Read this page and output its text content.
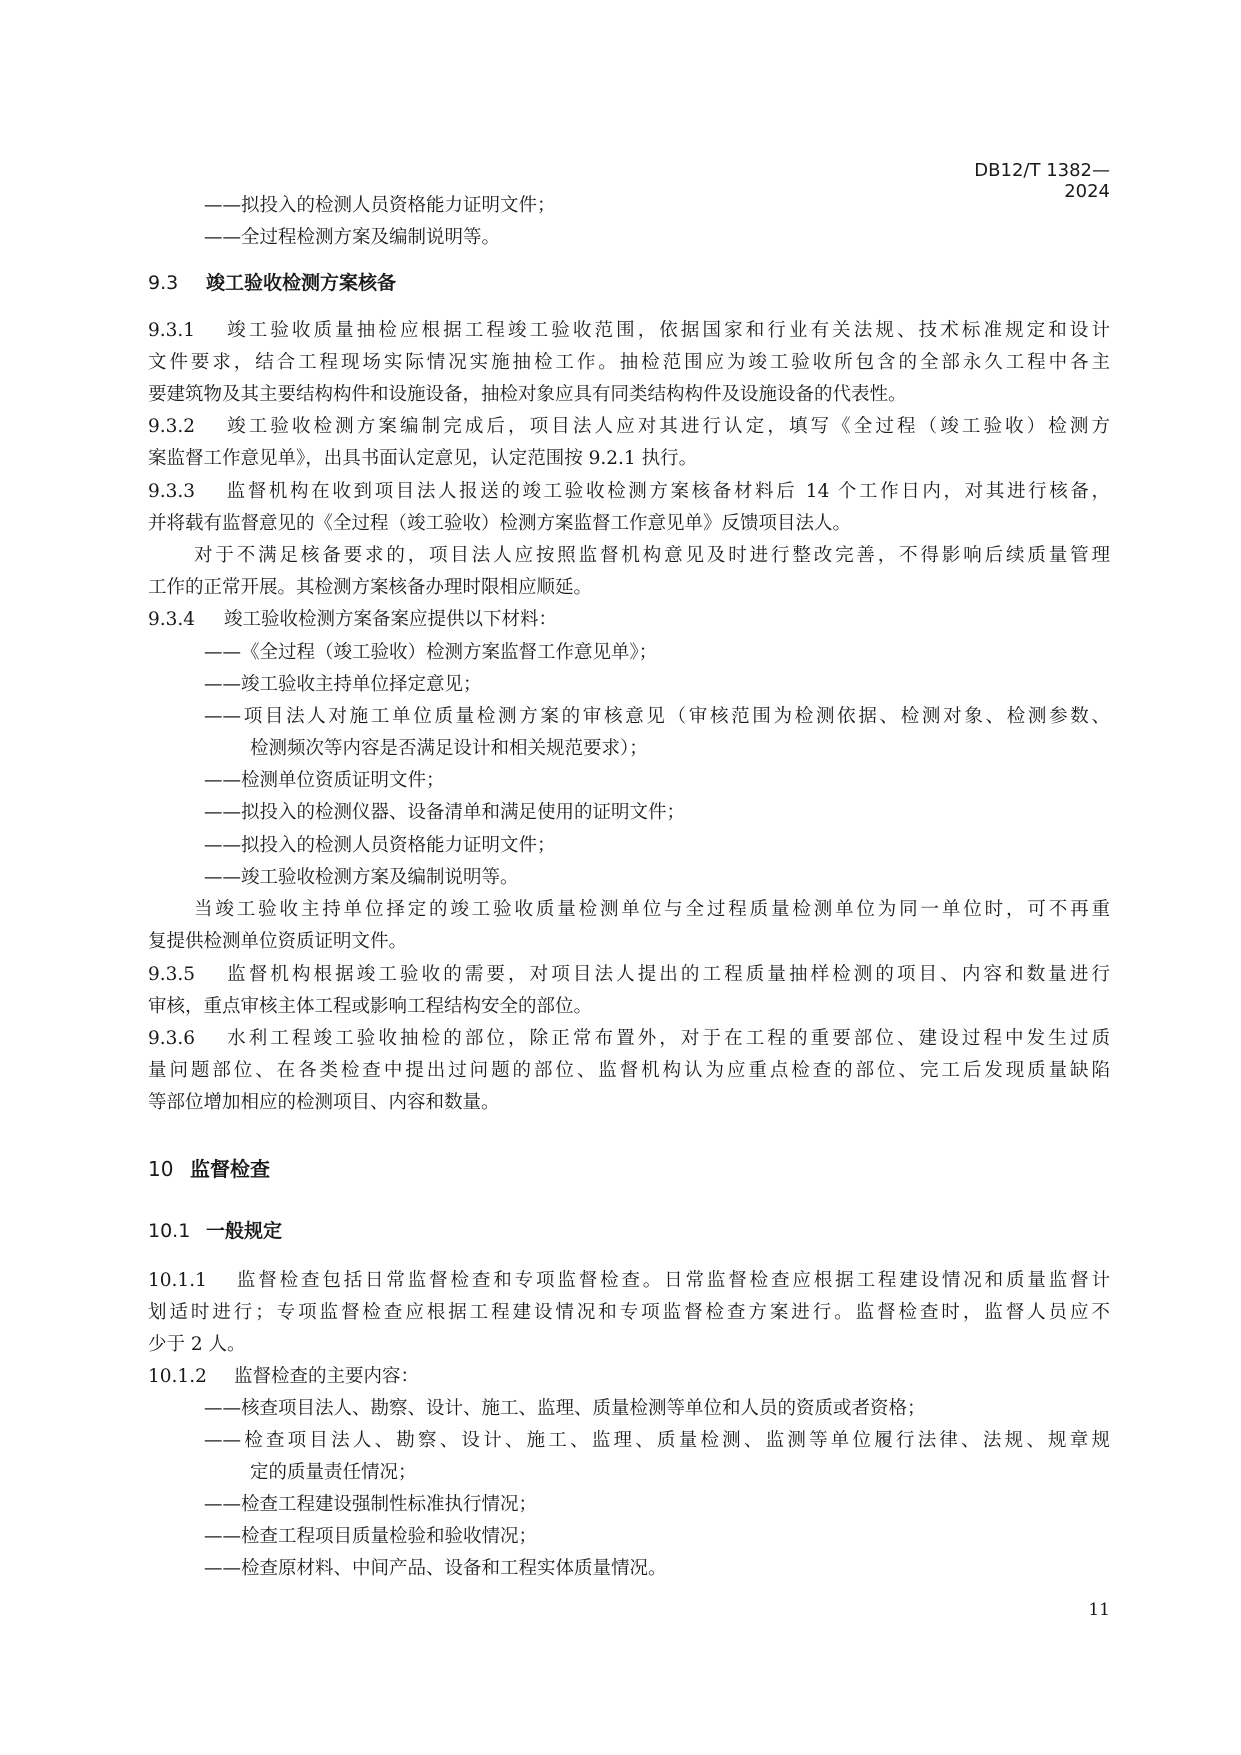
DB12/T 1382—2024
——拟投入的检测人员资格能力证明文件；
——全过程检测方案及编制说明等。
9.3 竣工验收检测方案核备
9.3.1 竣工验收质量抽检应根据工程竣工验收范围，依据国家和行业有关法规、技术标准规定和设计
文件要求，结合工程现场实际情况实施抽检工作。抽检范围应为竣工验收所包含的全部永久工程中各主
要建筑物及其主要结构构件和设施设备，抽检对象应具有同类结构构件及设施设备的代表性。
9.3.2 竣工验收检测方案编制完成后，项目法人应对其进行认定，填写《全过程（竣工验收）检测方
案监督工作意见单》，出具书面认定意见，认定范围按 9.2.1 执行。
9.3.3 监督机构在收到项目法人报送的竣工验收检测方案核备材料后 14 个工作日内，对其进行核备，
并将载有监督意见的《全过程（竣工验收）检测方案监督工作意见单》反馈项目法人。
对于不满足核备要求的，项目法人应按照监督机构意见及时进行整改完善，不得影响后续质量管理
工作的正常开展。其检测方案核备办理时限相应顺延。
9.3.4 竣工验收检测方案备案应提供以下材料：
——《全过程（竣工验收）检测方案监督工作意见单》；
——竣工验收主持单位择定意见；
——项目法人对施工单位质量检测方案的审核意见（审核范围为检测依据、检测对象、检测参数、
检测频次等内容是否满足设计和相关规范要求）；
——检测单位资质证明文件；
——拟投入的检测仪器、设备清单和满足使用的证明文件；
——拟投入的检测人员资格能力证明文件；
——竣工验收检测方案及编制说明等。
当竣工验收主持单位择定的竣工验收质量检测单位与全过程质量检测单位为同一单位时，可不再重
复提供检测单位资质证明文件。
9.3.5 监督机构根据竣工验收的需要，对项目法人提出的工程质量抽样检测的项目、内容和数量进行
审核，重点审核主体工程或影响工程结构安全的部位。
9.3.6 水利工程竣工验收抽检的部位，除正常布置外，对于在工程的重要部位、建设过程中发生过质
量问题部位、在各类检查中提出过问题的部位、监督机构认为应重点检查的部位、完工后发现质量缺陷
等部位增加相应的检测项目、内容和数量。
10 监督检查
10.1 一般规定
10.1.1 监督检查包括日常监督检查和专项监督检查。日常监督检查应根据工程建设情况和质量监督计
划适时进行；专项监督检查应根据工程建设情况和专项监督检查方案进行。监督检查时，监督人员应不
少于 2 人。
10.1.2 监督检查的主要内容：
——核查项目法人、勘察、设计、施工、监理、质量检测等单位和人员的资质或者资格；
——检查项目法人、勘察、设计、施工、监理、质量检测、监测等单位履行法律、法规、规章规
定的质量责任情况；
——检查工程建设强制性标准执行情况；
——检查工程项目质量检验和验收情况；
——检查原材料、中间产品、设备和工程实体质量情况。
11
